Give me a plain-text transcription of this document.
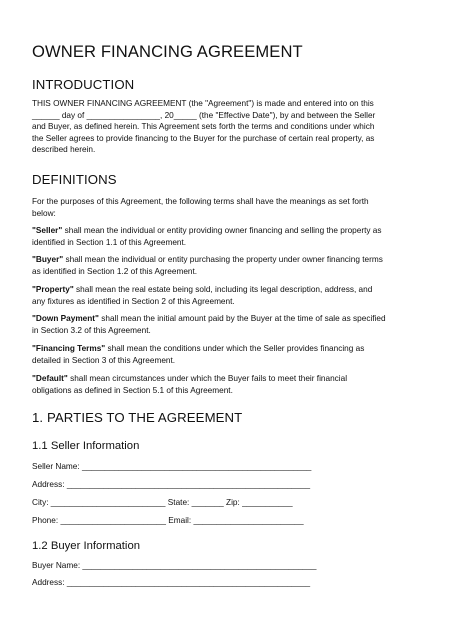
OWNER FINANCING AGREEMENT
INTRODUCTION
THIS OWNER FINANCING AGREEMENT (the "Agreement") is made and entered into on this
______ day of ________________, 20_____ (the "Effective Date"), by and between the Seller
and Buyer, as defined herein. This Agreement sets forth the terms and conditions under which
the Seller agrees to provide financing to the Buyer for the purchase of certain real property, as
described herein.
DEFINITIONS
For the purposes of this Agreement, the following terms shall have the meanings as set forth
below:
"Seller" shall mean the individual or entity providing owner financing and selling the property as
identified in Section 1.1 of this Agreement.
"Buyer" shall mean the individual or entity purchasing the property under owner financing terms
as identified in Section 1.2 of this Agreement.
"Property" shall mean the real estate being sold, including its legal description, address, and
any fixtures as identified in Section 2 of this Agreement.
"Down Payment" shall mean the initial amount paid by the Buyer at the time of sale as specified
in Section 3.2 of this Agreement.
"Financing Terms" shall mean the conditions under which the Seller provides financing as
detailed in Section 3 of this Agreement.
"Default" shall mean circumstances under which the Buyer fails to meet their financial
obligations as defined in Section 5.1 of this Agreement.
1. PARTIES TO THE AGREEMENT
1.1 Seller Information
Seller Name: __________________________________________________
Address: _____________________________________________________
City: _________________________ State: _______ Zip: ___________
Phone: _______________________ Email: ________________________
1.2 Buyer Information
Buyer Name: ___________________________________________________
Address: _____________________________________________________
